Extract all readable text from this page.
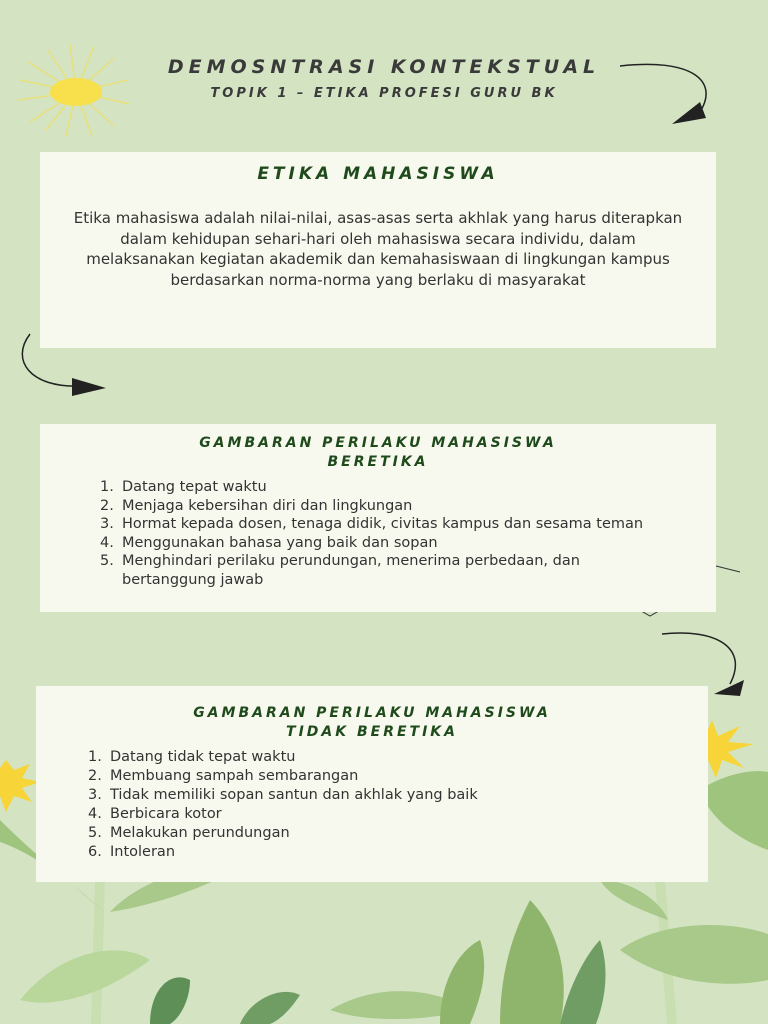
DEMOSNTRASI KONTEKSTUAL
TOPIK 1 – ETIKA PROFESI GURU BK
ETIKA MAHASISWA
Etika mahasiswa adalah nilai-nilai, asas-asas serta akhlak yang harus diterapkan dalam kehidupan sehari-hari oleh mahasiswa secara individu, dalam melaksanakan kegiatan akademik dan kemahasiswaan di lingkungan kampus berdasarkan norma-norma yang berlaku di masyarakat
GAMBARAN PERILAKU MAHASISWA
BERETIKA
1. Datang tepat waktu
2. Menjaga kebersihan diri dan lingkungan
3. Hormat kepada dosen, tenaga didik, civitas kampus dan sesama teman
4. Menggunakan bahasa yang baik dan sopan
5. Menghindari perilaku perundungan, menerima perbedaan, dan bertanggung jawab
GAMBARAN PERILAKU MAHASISWA
TIDAK BERETIKA
1. Datang tidak tepat waktu
2. Membuang sampah sembarangan
3. Tidak memiliki sopan santun dan akhlak yang baik
4. Berbicara kotor
5. Melakukan perundungan
6. Intoleran
